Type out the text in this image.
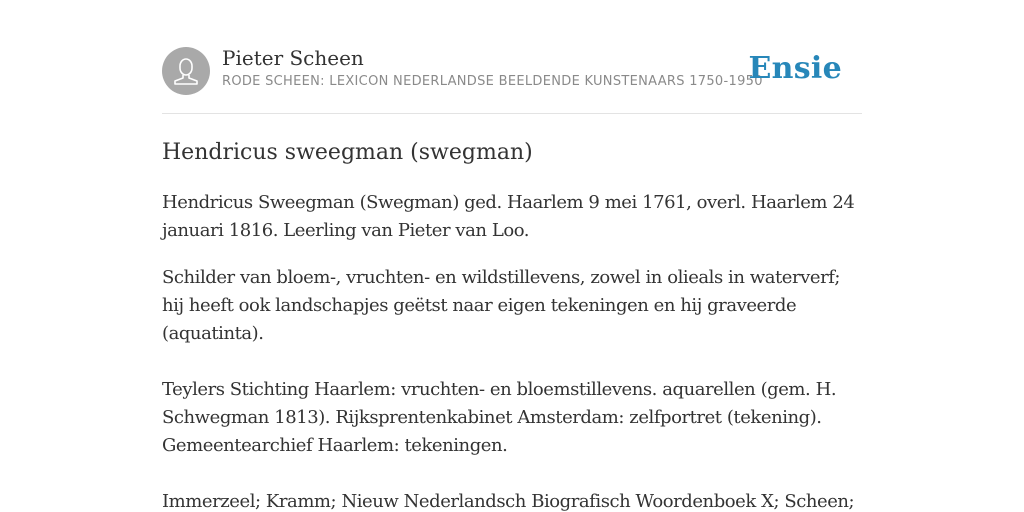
Pieter Scheen
RODE SCHEEN: LEXICON NEDERLANDSE BEELDENDE KUNSTENAARS 1750-1950
Ensie
Hendricus sweegman (swegman)

Hendricus Sweegman (Swegman) ged. Haarlem 9 mei 1761, overl. Haarlem 24 januari 1816. Leerling van Pieter van Loo.

Schilder van bloem-, vruchten- en wildstillevens, zowel in olieals in waterverf; hij heeft ook landschapjes geëtst naar eigen tekeningen en hij graveerde (aquatinta).

Teylers Stichting Haarlem: vruchten- en bloemstillevens. aquarellen (gem. H. Schwegman 1813). Rijksprentenkabinet Amsterdam: zelfportret (tekening). Gemeentearchief Haarlem: tekeningen.

Immerzeel; Kramm; Nieuw Nederlandsch Biografisch Woordenboek X; Scheen;
